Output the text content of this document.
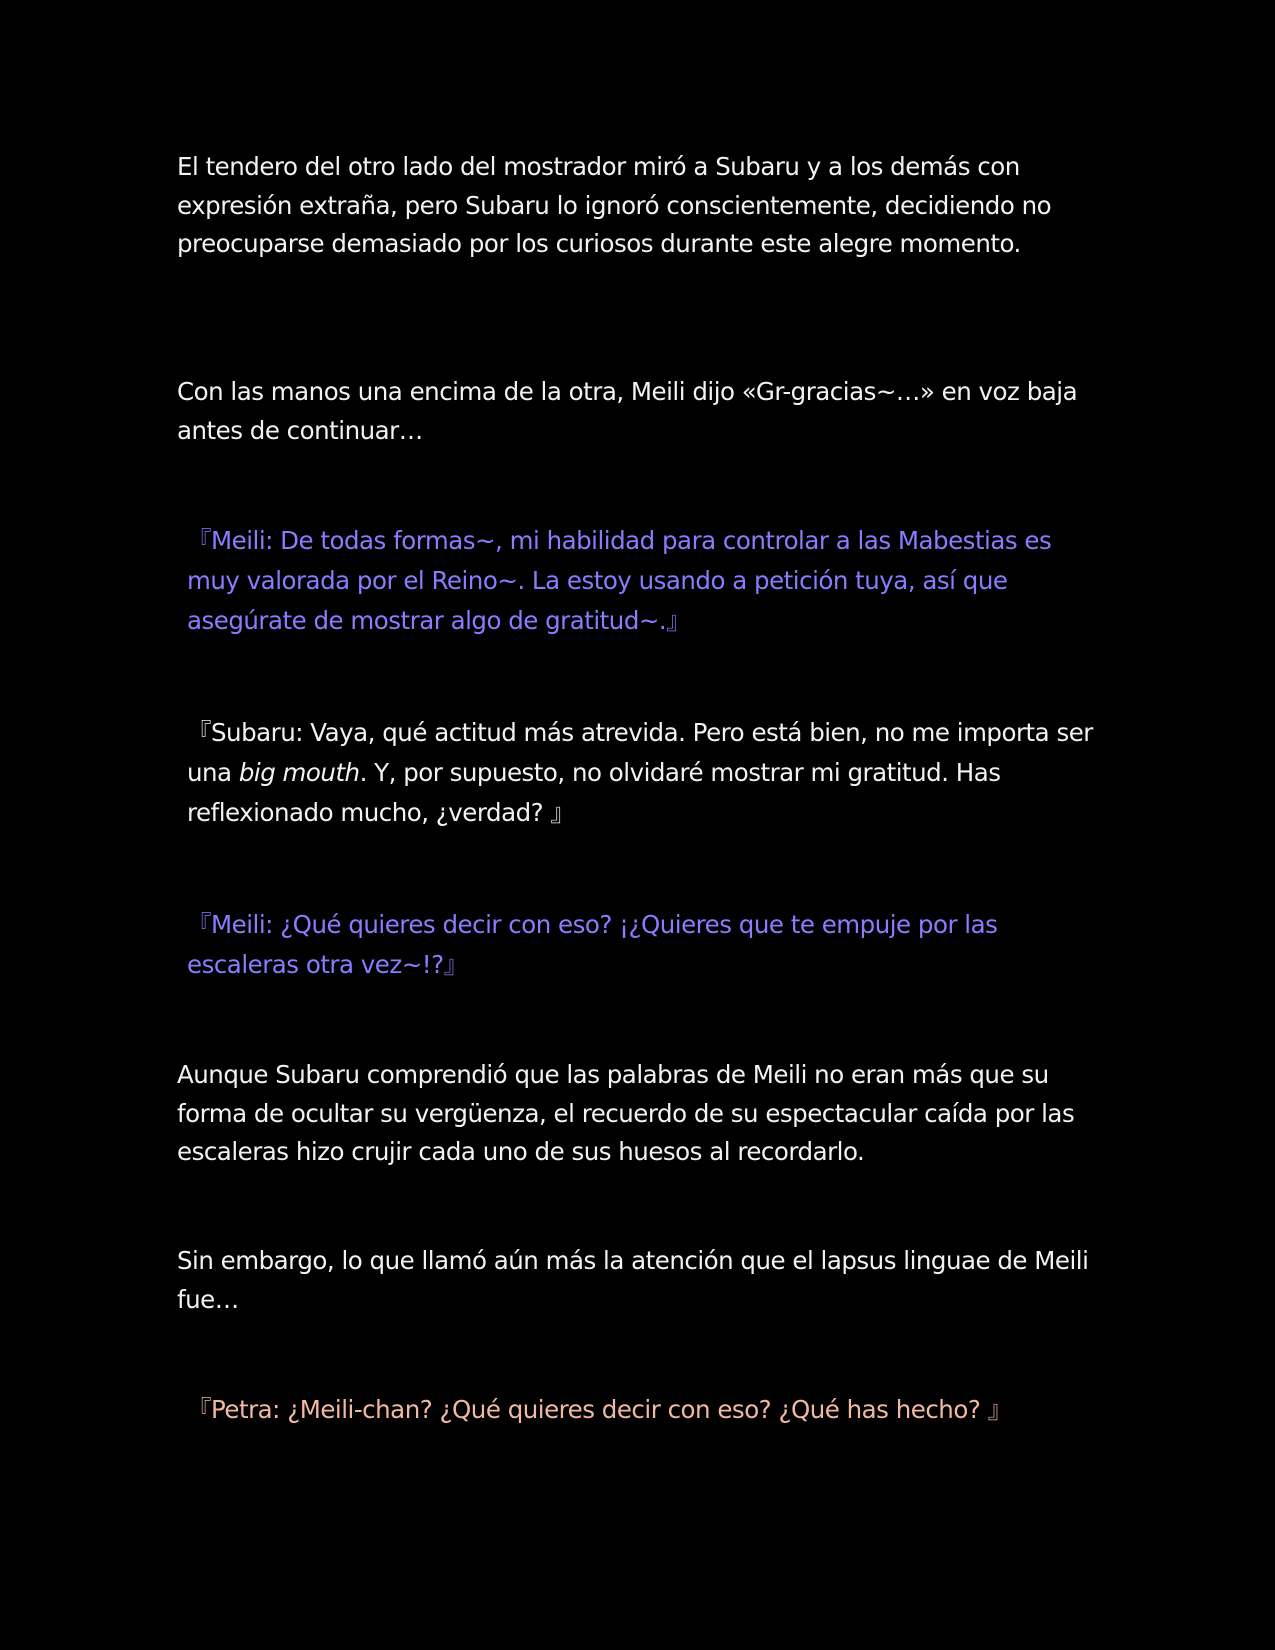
El tendero del otro lado del mostrador miró a Subaru y a los demás con expresión extraña, pero Subaru lo ignoró conscientemente, decidiendo no preocuparse demasiado por los curiosos durante este alegre momento.

Con las manos una encima de la otra, Meili dijo «Gr-gracias~…» en voz baja antes de continuar…

『Meili: De todas formas~, mi habilidad para controlar a las Mabestias es muy valorada por el Reino~. La estoy usando a petición tuya, así que asegúrate de mostrar algo de gratitud~.』

『Subaru: Vaya, qué actitud más atrevida. Pero está bien, no me importa ser una big mouth. Y, por supuesto, no olvidaré mostrar mi gratitud. Has reflexionado mucho, ¿verdad? 』

『Meili: ¿Qué quieres decir con eso? ¡¿Quieres que te empuje por las escaleras otra vez~!?』

Aunque Subaru comprendió que las palabras de Meili no eran más que su forma de ocultar su vergüenza, el recuerdo de su espectacular caída por las escaleras hizo crujir cada uno de sus huesos al recordarlo.

Sin embargo, lo que llamó aún más la atención que el lapsus linguae de Meili fue…

『Petra: ¿Meili-chan? ¿Qué quieres decir con eso? ¿Qué has hecho? 』
